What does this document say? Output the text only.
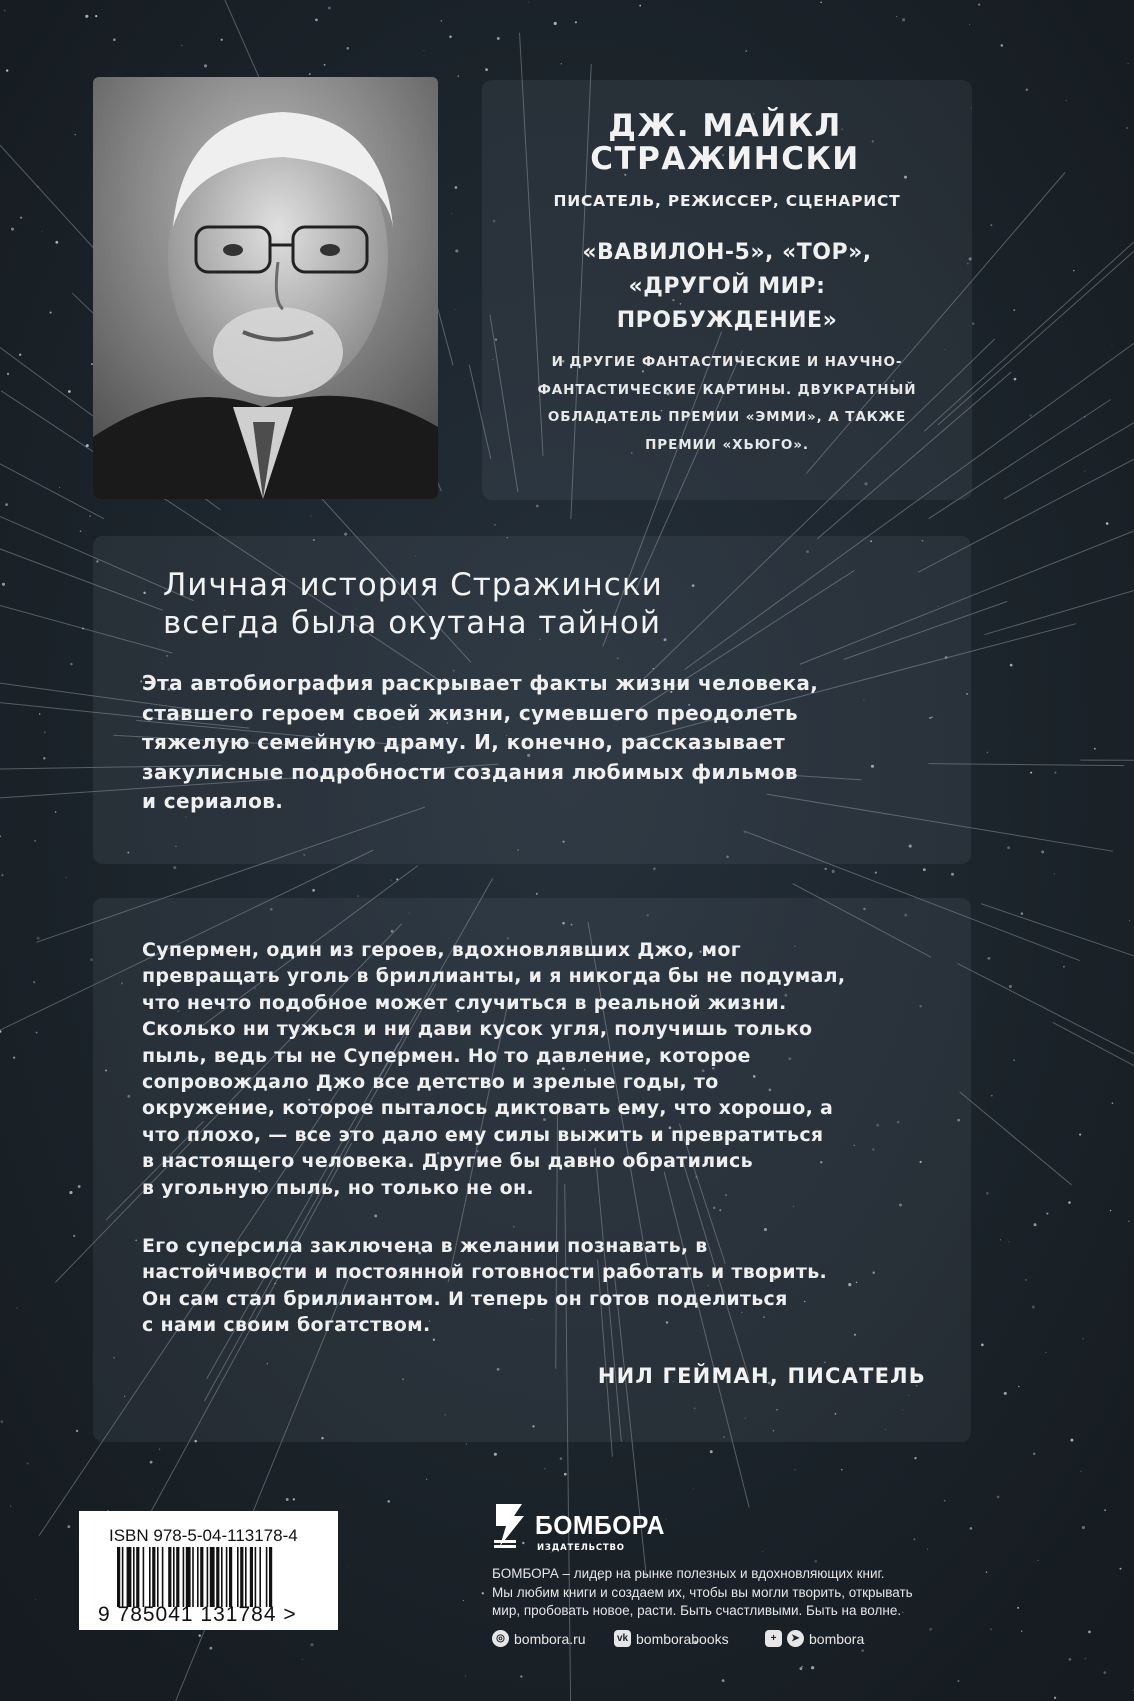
ДЖ. МАЙКЛ
СТРАЖИНСКИ
ПИСАТЕЛЬ, РЕЖИССЕР, СЦЕНАРИСТ
«ВАВИЛОН-5», «ТОР»,
«ДРУГОЙ МИР:
ПРОБУЖДЕНИЕ»
И ДРУГИЕ ФАНТАСТИЧЕСКИЕ И НАУЧНО-
ФАНТАСТИЧЕСКИЕ КАРТИНЫ. ДВУКРАТНЫЙ
ОБЛАДАТЕЛЬ ПРЕМИИ «ЭММИ», А ТАКЖЕ
ПРЕМИИ «ХЬЮГО».
Личная история Стражински
всегда была окутана тайной
Эта автобиография раскрывает факты жизни человека,
ставшего героем своей жизни, сумевшего преодолеть
тяжелую семейную драму. И, конечно, рассказывает
закулисные подробности создания любимых фильмов
и сериалов.
Супермен, один из героев, вдохновлявших Джо, мог
превращать уголь в бриллианты, и я никогда бы не подумал,
что нечто подобное может случиться в реальной жизни.
Сколько ни тужься и ни дави кусок угля, получишь только
пыль, ведь ты не Супермен. Но то давление, которое
сопровождало Джо все детство и зрелые годы, то
окружение, которое пыталось диктовать ему, что хорошо, а
что плохо, — все это дало ему силы выжить и превратиться
в настоящего человека. Другие бы давно обратились
в угольную пыль, но только не он.
Его суперсила заключена в желании познавать, в
настойчивости и постоянной готовности работать и творить.
Он сам стал бриллиантом. И теперь он готов поделиться
с нами своим богатством.
НИЛ ГЕЙМАН, ПИСАТЕЛЬ
ISBN 978-5-04-113178-4
9 785041 131784 >
БОМБОРА
ИЗДАТЕЛЬСТВО
БОМБОРА – лидер на рынке полезных и вдохновляющих книг.
Мы любим книги и создаем их, чтобы вы могли творить, открывать
мир, пробовать новое, расти. Быть счастливыми. Быть на волне.
◎ bombora.ru	vk bomborabooks	+	➤ bombora
